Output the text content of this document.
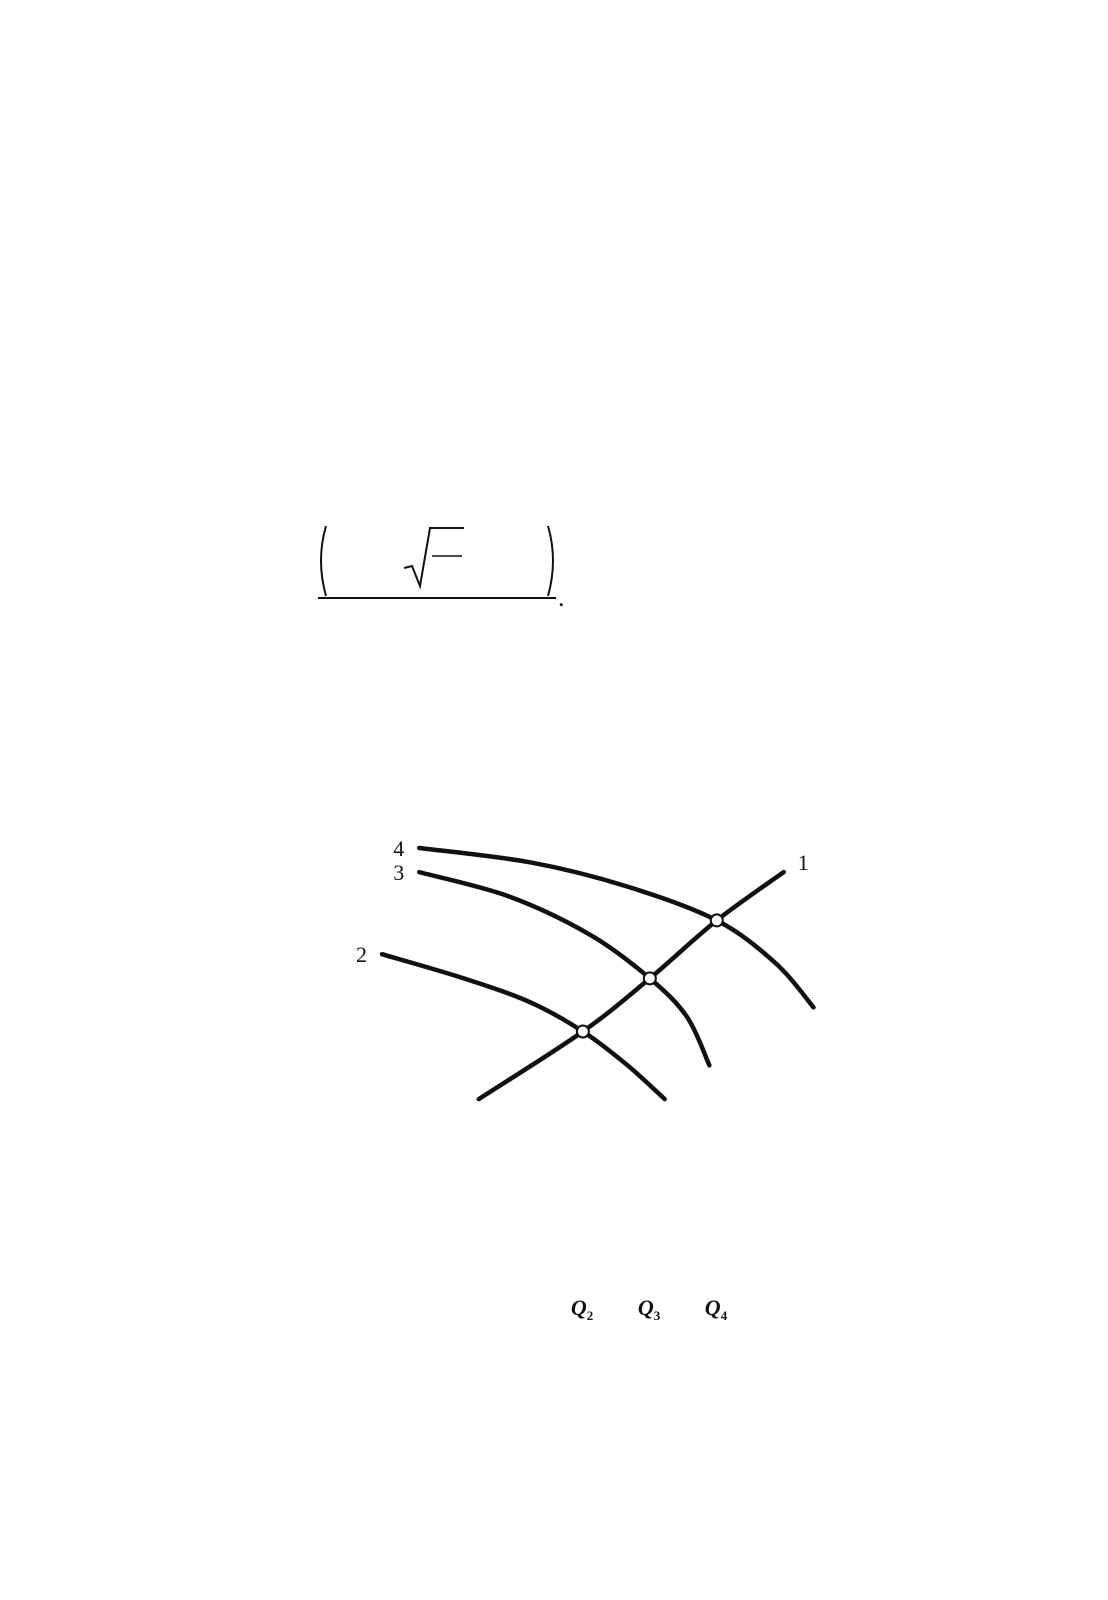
.
$Q_2$ $Q_3$ $Q_4$
1
2
3
4
